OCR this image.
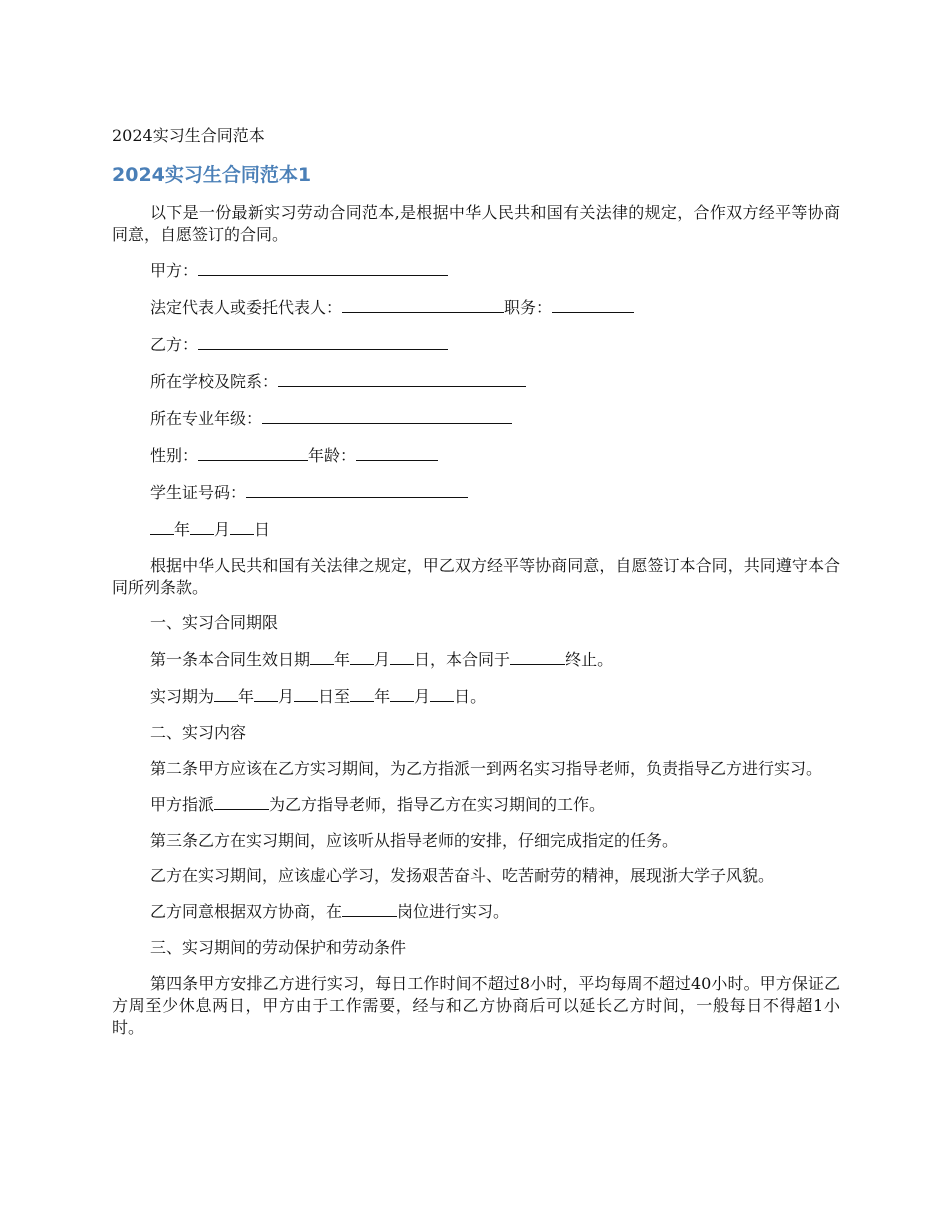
2024实习生合同范本
2024实习生合同范本1
以下是一份最新实习劳动合同范本,是根据中华人民共和国有关法律的规定，合作双方经平等协商同意，自愿签订的合同。
甲方：
法定代表人或委托代表人：	职务：
乙方：
所在学校及院系：
所在专业年级：
性别：	年龄：
学生证号码：
年 月 日
根据中华人民共和国有关法律之规定，甲乙双方经平等协商同意，自愿签订本合同，共同遵守本合同所列条款。
一、实习合同期限
第一条本合同生效日期 年 月 日，本合同于	终止。
实习期为 年 月 日至 年 月 日。
二、实习内容
第二条甲方应该在乙方实习期间，为乙方指派一到两名实习指导老师，负责指导乙方进行实习。
甲方指派	为乙方指导老师，指导乙方在实习期间的工作。
第三条乙方在实习期间，应该听从指导老师的安排，仔细完成指定的任务。
乙方在实习期间，应该虚心学习，发扬艰苦奋斗、吃苦耐劳的精神，展现浙大学子风貌。
乙方同意根据双方协商，在	岗位进行实习。
三、实习期间的劳动保护和劳动条件
第四条甲方安排乙方进行实习，每日工作时间不超过8小时，平均每周不超过40小时。甲方保证乙方周至少休息两日，甲方由于工作需要，经与和乙方协商后可以延长乙方时间，一般每日不得超1小时。
